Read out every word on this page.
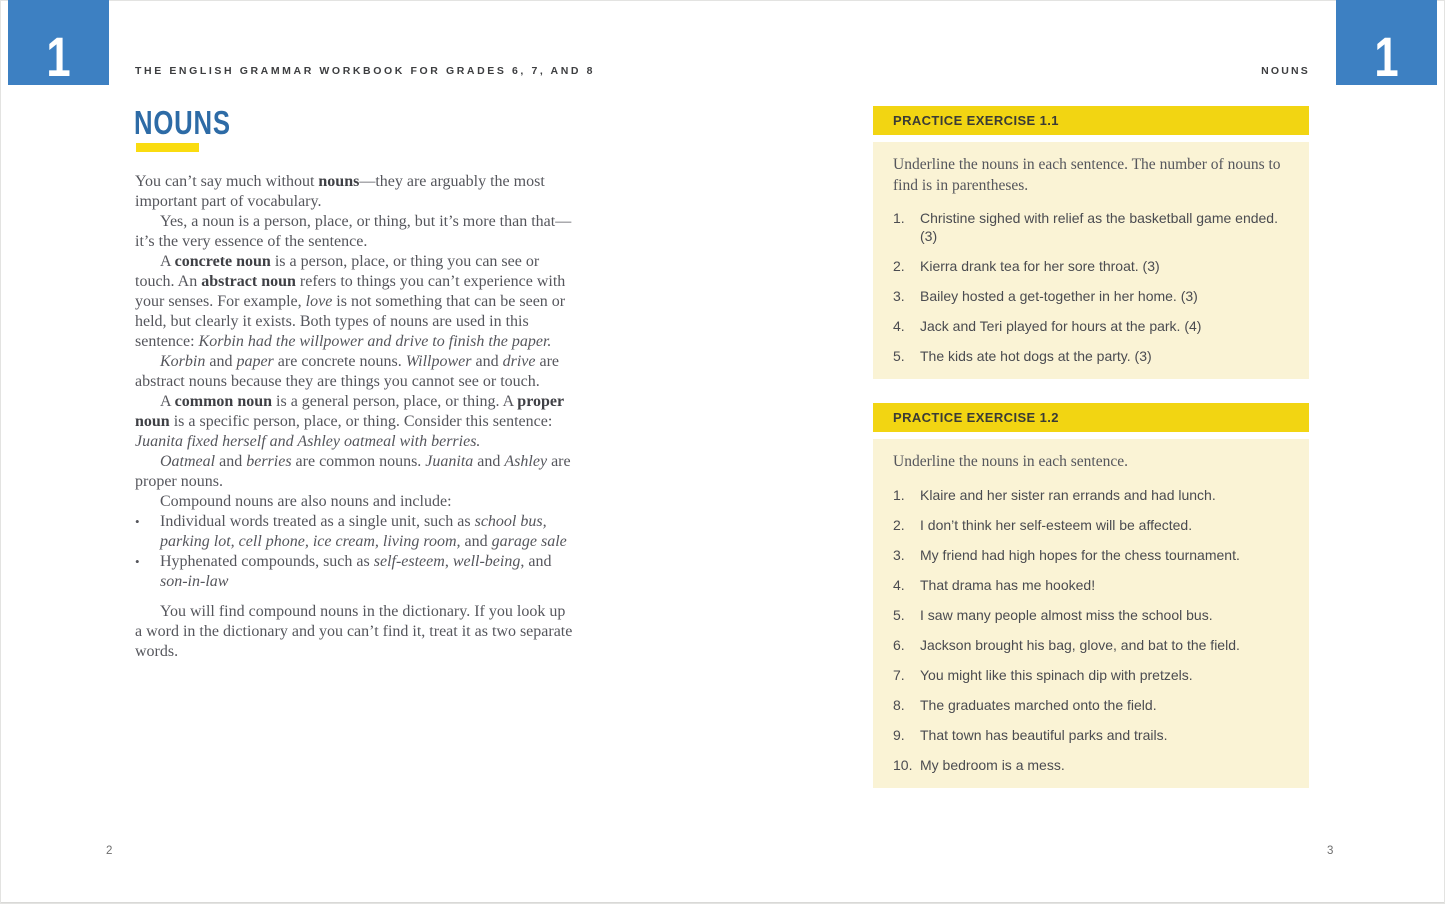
1	1
THE ENGLISH GRAMMAR WORKBOOK FOR GRADES 6, 7, AND 8	NOUNS
NOUNS

You can’t say much without nouns—they are arguably the most important part of vocabulary.

Yes, a noun is a person, place, or thing, but it’s more than that—it’s the very essence of the sentence.

A concrete noun is a person, place, or thing you can see or touch. An abstract noun refers to things you can’t experience with your senses. For example, love is not something that can be seen or held, but clearly it exists. Both types of nouns are used in this sentence: Korbin had the willpower and drive to finish the paper.

Korbin and paper are concrete nouns. Willpower and drive are abstract nouns because they are things you cannot see or touch.

A common noun is a general person, place, or thing. A proper noun is a specific person, place, or thing. Consider this sentence: Juanita fixed herself and Ashley oatmeal with berries.

Oatmeal and berries are common nouns. Juanita and Ashley are proper nouns.

Compound nouns are also nouns and include:

•	Individual words treated as a single unit, such as school bus, parking lot, cell phone, ice cream, living room, and garage sale
•	Hyphenated compounds, such as self-esteem, well-being, and son-in-law

You will find compound nouns in the dictionary. If you look up a word in the dictionary and you can’t find it, treat it as two separate words.

PRACTICE EXERCISE 1.1

Underline the nouns in each sentence. The number of nouns to find is in parentheses.

1.	Christine sighed with relief as the basketball game ended. (3)
2.	Kierra drank tea for her sore throat. (3)
3.	Bailey hosted a get-together in her home. (3)
4.	Jack and Teri played for hours at the park. (4)
5.	The kids ate hot dogs at the party. (3)
PRACTICE EXERCISE 1.2

Underline the nouns in each sentence.

1.	Klaire and her sister ran errands and had lunch.
2.	I don’t think her self-esteem will be affected.
3.	My friend had high hopes for the chess tournament.
4.	That drama has me hooked!
5.	I saw many people almost miss the school bus.
6.	Jackson brought his bag, glove, and bat to the field.
7.	You might like this spinach dip with pretzels.
8.	The graduates marched onto the field.
9.	That town has beautiful parks and trails.
10. My bedroom is a mess.
2	3
